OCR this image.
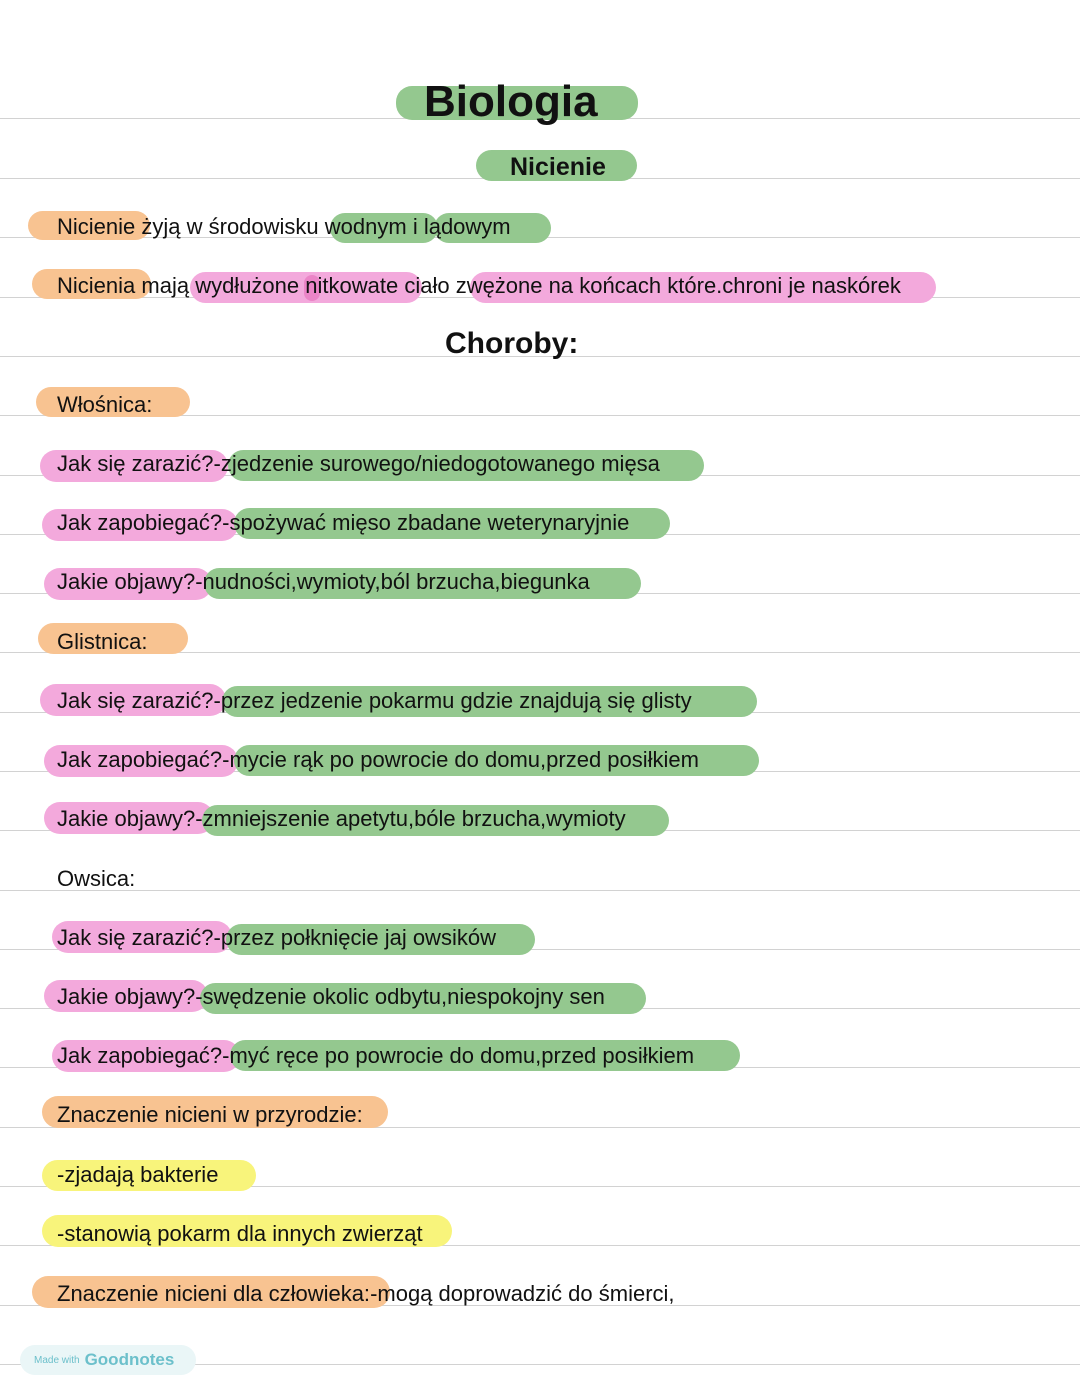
Biologia
Nicienie
Nicienie żyją w środowisku wodnym i lądowym
Nicienia mają wydłużone nitkowate ciało zwężone na końcach które.chroni je naskórek
Choroby:
Włośnica:
Jak się zarazić?-zjedzenie surowego/niedogotowanego mięsa
Jak zapobiegać?-spożywać mięso zbadane weterynaryjnie
Jakie objawy?-nudności,wymioty,ból brzucha,biegunka
Glistnica:
Jak się zarazić?-przez jedzenie pokarmu gdzie znajdują się glisty
Jak zapobiegać?-mycie rąk po powrocie do domu,przed posiłkiem
Jakie objawy?-zmniejszenie apetytu,bóle brzucha,wymioty
Owsica:
Jak się zarazić?-przez połknięcie jaj owsików
Jakie objawy?-swędzenie okolic odbytu,niespokojny sen
Jak zapobiegać?-myć ręce po powrocie do domu,przed posiłkiem
Znaczenie nicieni w przyrodzie:
-zjadają bakterie
-stanowią pokarm dla innych zwierząt
Znaczenie nicieni dla człowieka:-mogą doprowadzić do śmierci,
Made with Goodnotes
